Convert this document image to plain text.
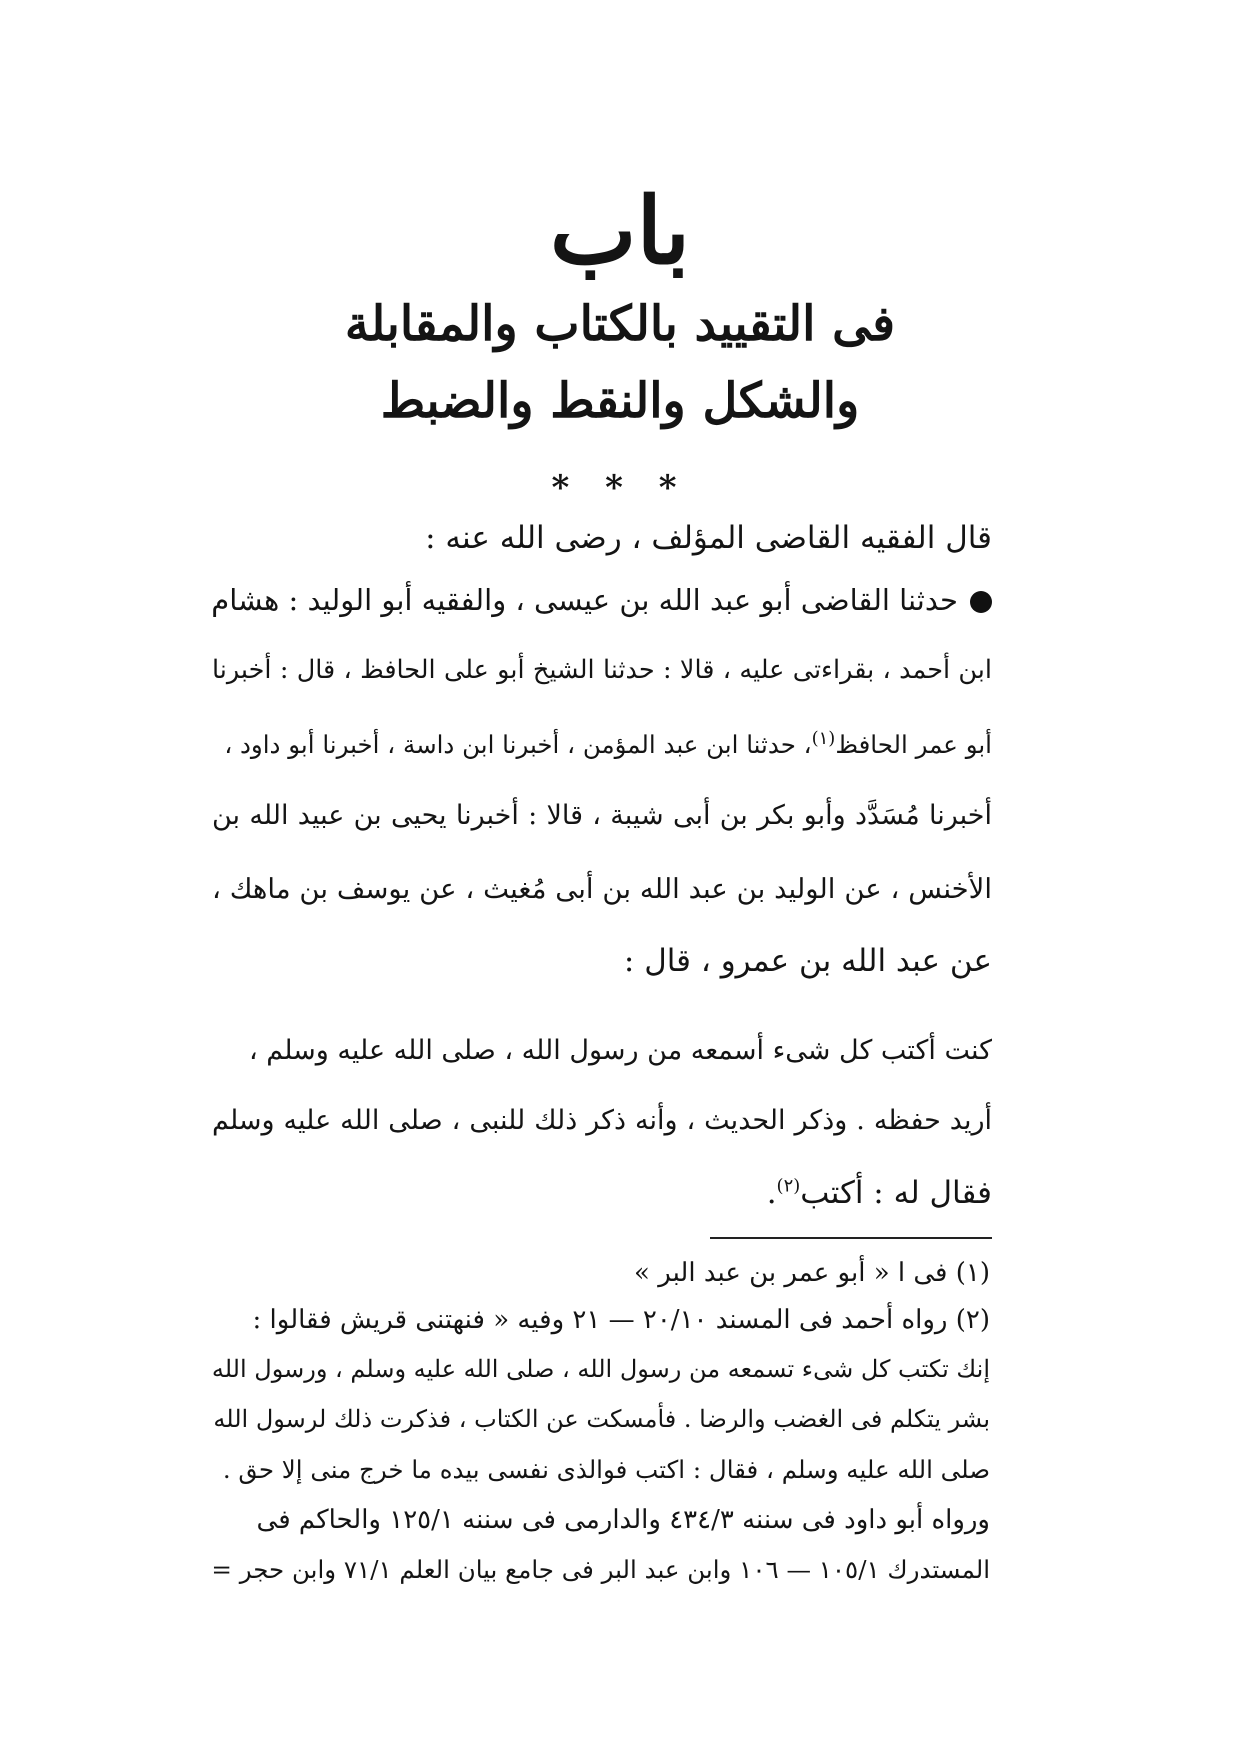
باب
فى التقييد بالكتاب والمقابلة
والشكل والنقط والضبط
* * *
قال الفقيه القاضى المؤلف ، رضى الله عنه :
حدثنا القاضى أبو عبد الله بن عيسى ، والفقيه أبو الوليد : هشام
ابن أحمد ، بقراءتى عليه ، قالا : حدثنا الشيخ أبو على الحافظ ، قال : أخبرنا
أبو عمر الحافظ$^{(١)}$، حدثنا ابن عبد المؤمن ، أخبرنا ابن داسة ، أخبرنا أبو داود ،
أخبرنا مُسَدَّد وأبو بكر بن أبى شيبة ، قالا : أخبرنا يحيى بن عبيد الله بن
الأخنس ، عن الوليد بن عبد الله بن أبى مُغيث ، عن يوسف بن ماهك ،
عن عبد الله بن عمرو ، قال :
كنت أكتب كل شىء أسمعه من رسول الله ، صلى الله عليه وسلم ،
أريد حفظه . وذكر الحديث ، وأنه ذكر ذلك للنبى ، صلى الله عليه وسلم
فقال له : أكتب$^{(٢)}$.
(١) فى ا « أبو عمر بن عبد البر »
(٢) رواه أحمد فى المسند ٢٠/١٠ — ٢١ وفيه « فنهتنى قريش فقالوا :
إنك تكتب كل شىء تسمعه من رسول الله ، صلى الله عليه وسلم ، ورسول الله
بشر يتكلم فى الغضب والرضا . فأمسكت عن الكتاب ، فذكرت ذلك لرسول الله
صلى الله عليه وسلم ، فقال : اكتب فوالذى نفسى بيده ما خرج منى إلا حق .
ورواه أبو داود فى سننه ٤٣٤/٣ والدارمى فى سننه ١٢٥/١ والحاكم فى
المستدرك ١٠٥/١ — ١٠٦ وابن عبد البر فى جامع بيان العلم ٧١/١ وابن حجر =
